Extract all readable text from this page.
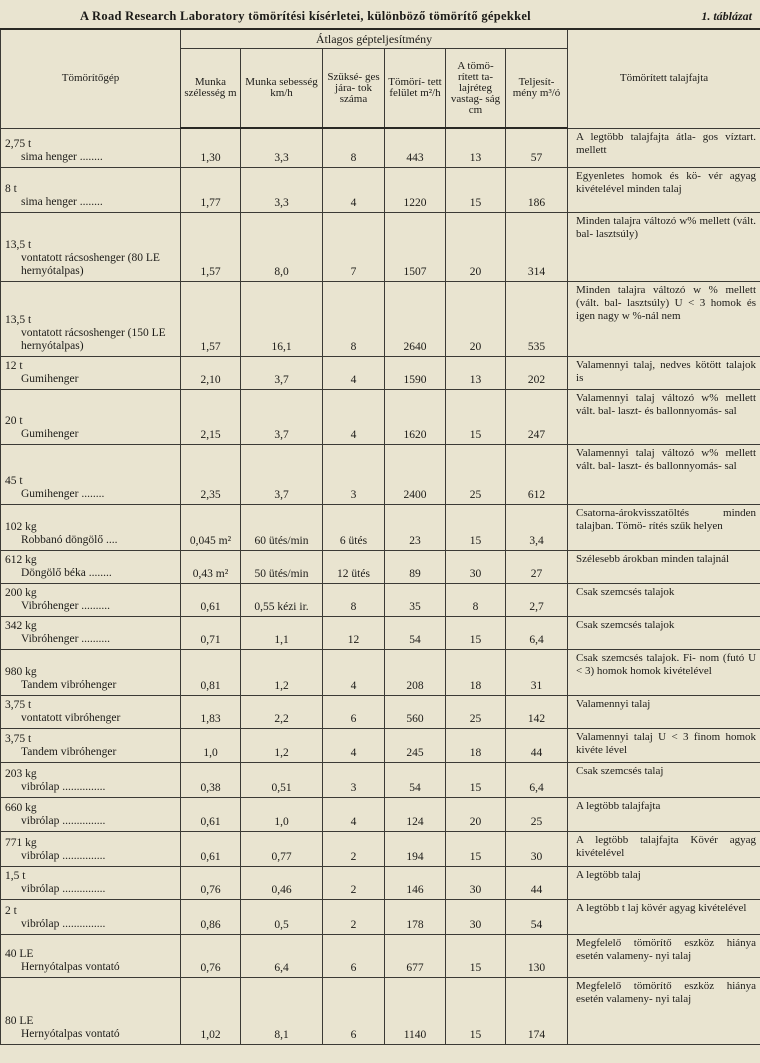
A Road Research Laboratory tömörítési kísérletei, különböző tömörítő gépekkel	1. táblázat
Tömörítőgép	Átlagos gépteljesítmény						Tömörített talajfajta
	Munka szélesség m	Munka sebesség km/h	Szüksé- ges jára- tok száma	Tömörí- tett felület m²/h	A tömö- rített ta- lajréteg vastag- ság cm	Teljesít- mény m³/ó	

2,75 t
sima henger ........	1,30	3,3	8	443	13	57	A legtöbb talajfajta átla- gos víztart. mellett

8 t
sima henger ........	1,77	3,3	4	1220	15	186	Egyenletes homok és kö- vér agyag kivételével minden talaj

13,5 t
vontatott rácsoshenger (80 LE hernyótalpas)	1,57	8,0	7	1507	20	314	Minden talajra változó w% mellett (vált. bal- lasztsúly)

13,5 t
vontatott rácsoshenger (150 LE hernyótalpas)	1,57	16,1	8	2640	20	535	Minden talajra változó w % mellett (vált. bal- lasztsúly) U < 3 homok és igen nagy w %-nál nem

12 t
Gumihenger	2,10	3,7	4	1590	13	202	Valamennyi talaj, nedves kötött talajok is

20 t
Gumihenger	2,15	3,7	4	1620	15	247	Valamennyi talaj változó w% mellett vált. bal- laszt- és ballonnyomás- sal

45 t
Gumihenger ........	2,35	3,7	3	2400	25	612	Valamennyi talaj változó w% mellett vált. bal- laszt- és ballonnyomás- sal

102 kg
Robbanó döngölő ....	0,045 m²	60 ütés/min	6 ütés	23	15	3,4	Csatorna-árokvisszatöltés minden talajban. Tömö- rítés szűk helyen

612 kg
Döngölő béka ........	0,43 m²	50 ütés/min	12 ütés	89	30	27	Szélesebb árokban minden talajnál

200 kg
Vibróhenger ..........	0,61	0,55 kézi ir.	8	35	8	2,7	Csak szemcsés talajok

342 kg
Vibróhenger ..........	0,71	1,1	12	54	15	6,4	Csak szemcsés talajok

980 kg
Tandem vibróhenger	0,81	1,2	4	208	18	31	Csak szemcsés talajok. Fi- nom (futó U < 3) homok homok kivételével

3,75 t
vontatott vibróhenger	1,83	2,2	6	560	25	142	Valamennyi talaj

3,75 t
Tandem vibróhenger	1,0	1,2	4	245	18	44	Valamennyi talaj U < 3 finom homok kivéte lével

203 kg
vibrólap ...............	0,38	0,51	3	54	15	6,4	Csak szemcsés talaj

660 kg
vibrólap ...............	0,61	1,0	4	124	20	25	A legtöbb talajfajta

771 kg
vibrólap ...............	0,61	0,77	2	194	15	30	A legtöbb talajfajta Kövér agyag kivételével

1,5 t
vibrólap ...............	0,76	0,46	2	146	30	44	A legtöbb talaj

2 t
vibrólap ...............	0,86	0,5	2	178	30	54	A legtöbb t laj kövér agyag kivételével

40 LE
Hernyótalpas vontató	0,76	6,4	6	677	15	130	Megfelelő tömörítő eszköz hiánya esetén valameny- nyi talaj

80 LE
Hernyótalpas vontató	1,02	8,1	6	1140	15	174	Megfelelő tömörítő eszköz hiánya esetén valameny- nyi talaj
